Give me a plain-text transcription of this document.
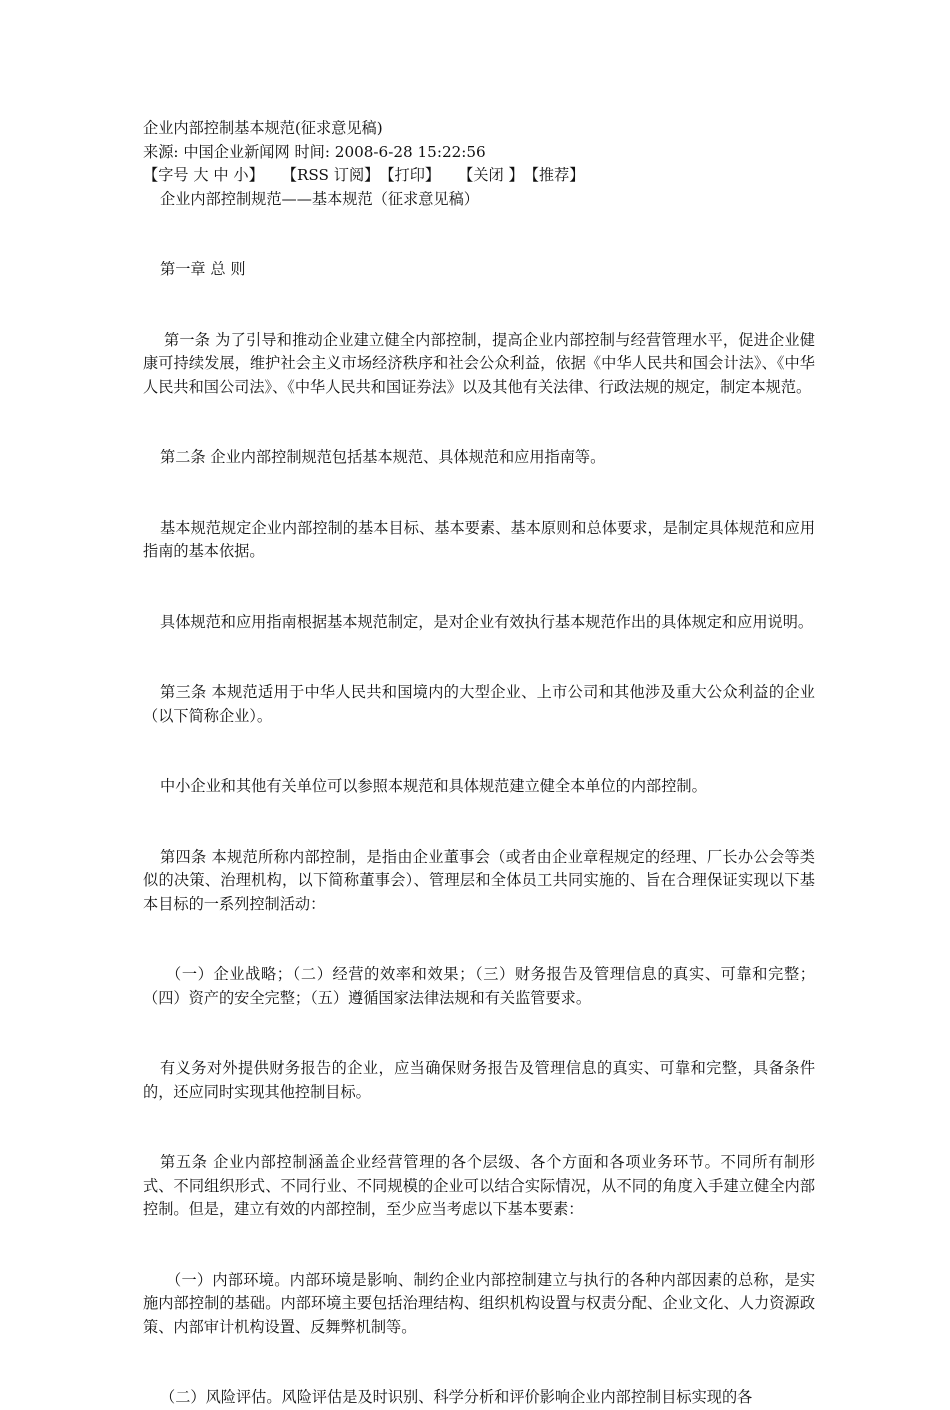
企业内部控制基本规范(征求意见稿)
来源: 中国企业新闻网 时间: 2008-6-28 15:22:56
【字号 大 中 小】 【RSS 订阅】【打印】 【关闭 】【推荐】
企业内部控制规范——基本规范（征求意见稿）
第一章 总 则
第一条 为了引导和推动企业建立健全内部控制，提高企业内部控制与经营管理水平，促进企业健康可持续发展，维护社会主义市场经济秩序和社会公众利益，依据《中华人民共和国会计法》、《中华人民共和国公司法》、《中华人民共和国证券法》以及其他有关法律、行政法规的规定，制定本规范。
第二条 企业内部控制规范包括基本规范、具体规范和应用指南等。
基本规范规定企业内部控制的基本目标、基本要素、基本原则和总体要求，是制定具体规范和应用指南的基本依据。
具体规范和应用指南根据基本规范制定，是对企业有效执行基本规范作出的具体规定和应用说明。
第三条 本规范适用于中华人民共和国境内的大型企业、上市公司和其他涉及重大公众利益的企业（以下简称企业）。
中小企业和其他有关单位可以参照本规范和具体规范建立健全本单位的内部控制。
第四条 本规范所称内部控制，是指由企业董事会（或者由企业章程规定的经理、厂长办公会等类似的决策、治理机构，以下简称董事会）、管理层和全体员工共同实施的、旨在合理保证实现以下基本目标的一系列控制活动：
（一）企业战略；（二）经营的效率和效果；（三）财务报告及管理信息的真实、可靠和完整；（四）资产的安全完整；（五）遵循国家法律法规和有关监管要求。
有义务对外提供财务报告的企业，应当确保财务报告及管理信息的真实、可靠和完整，具备条件的，还应同时实现其他控制目标。
第五条 企业内部控制涵盖企业经营管理的各个层级、各个方面和各项业务环节。不同所有制形式、不同组织形式、不同行业、不同规模的企业可以结合实际情况，从不同的角度入手建立健全内部控制。但是，建立有效的内部控制，至少应当考虑以下基本要素：
（一）内部环境。内部环境是影响、制约企业内部控制建立与执行的各种内部因素的总称，是实施内部控制的基础。内部环境主要包括治理结构、组织机构设置与权责分配、企业文化、人力资源政策、内部审计机构设置、反舞弊机制等。
（二）风险评估。风险评估是及时识别、科学分析和评价影响企业内部控制目标实现的各
